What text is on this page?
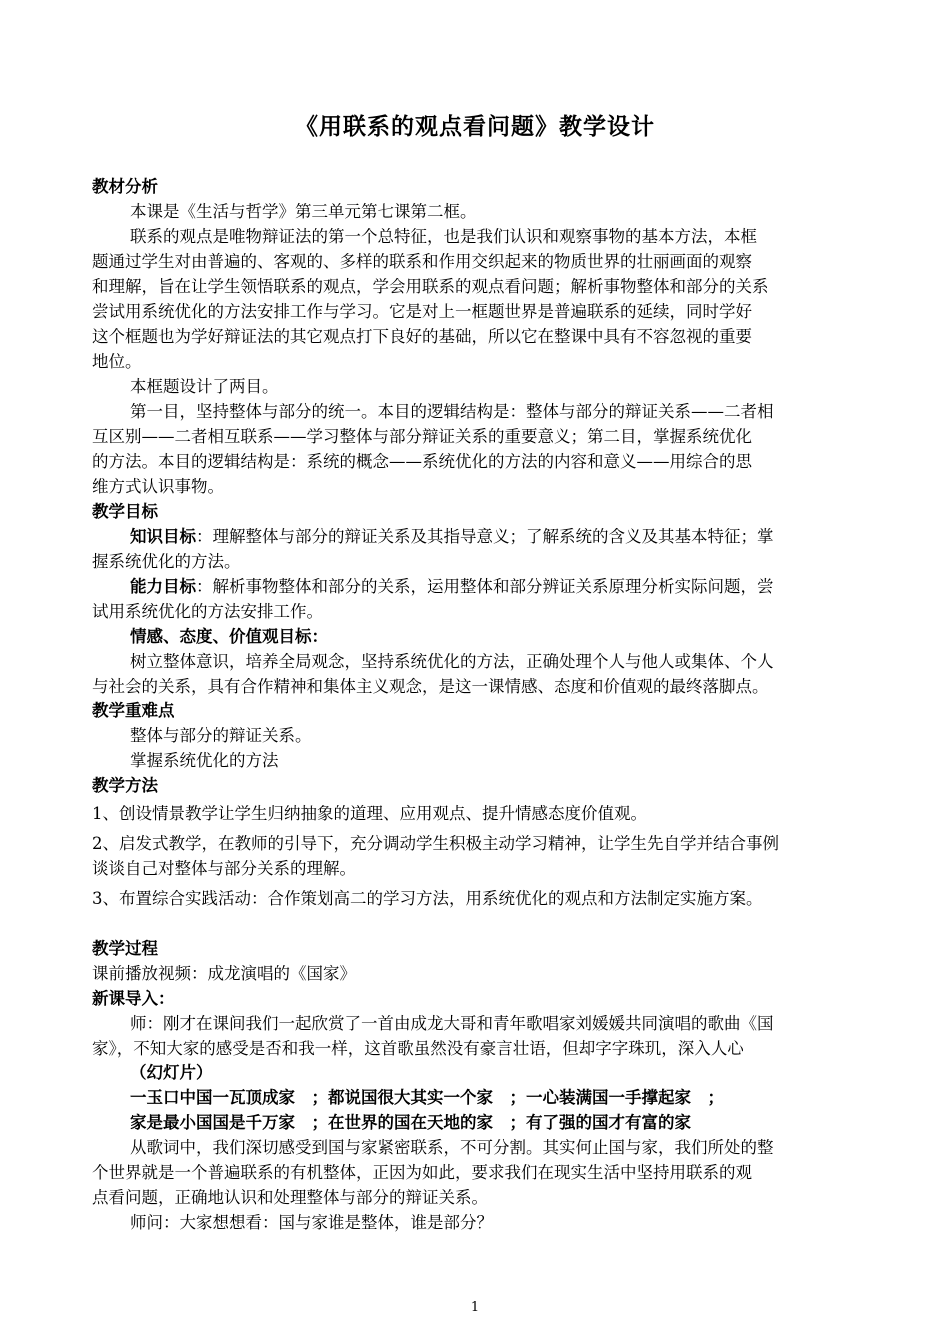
《用联系的观点看问题》教学设计
教材分析
本课是《生活与哲学》第三单元第七课第二框。
联系的观点是唯物辩证法的第一个总特征，也是我们认识和观察事物的基本方法，本框
题通过学生对由普遍的、客观的、多样的联系和作用交织起来的物质世界的壮丽画面的观察
和理解，旨在让学生领悟联系的观点，学会用联系的观点看问题；解析事物整体和部分的关系
尝试用系统优化的方法安排工作与学习。它是对上一框题世界是普遍联系的延续，同时学好
这个框题也为学好辩证法的其它观点打下良好的基础，所以它在整课中具有不容忽视的重要
地位。
本框题设计了两目。
第一目，坚持整体与部分的统一。本目的逻辑结构是：整体与部分的辩证关系——二者相
互区别——二者相互联系——学习整体与部分辩证关系的重要意义；第二目，掌握系统优化
的方法。本目的逻辑结构是：系统的概念——系统优化的方法的内容和意义——用综合的思
维方式认识事物。
教学目标
知识目标：理解整体与部分的辩证关系及其指导意义；了解系统的含义及其基本特征；掌
握系统优化的方法。
能力目标：解析事物整体和部分的关系，运用整体和部分辨证关系原理分析实际问题，尝
试用系统优化的方法安排工作。
情感、态度、价值观目标：
树立整体意识，培养全局观念，坚持系统优化的方法，正确处理个人与他人或集体、个人
与社会的关系，具有合作精神和集体主义观念，是这一课情感、态度和价值观的最终落脚点。
教学重难点
整体与部分的辩证关系。
掌握系统优化的方法
教学方法
1、创设情景教学让学生归纳抽象的道理、应用观点、提升情感态度价值观。
2、启发式教学，在教师的引导下，充分调动学生积极主动学习精神，让学生先自学并结合事例
谈谈自己对整体与部分关系的理解。
3、布置综合实践活动：合作策划高二的学习方法，用系统优化的观点和方法制定实施方案。
教学过程
课前播放视频：成龙演唱的《国家》
新课导入：
师：刚才在课间我们一起欣赏了一首由成龙大哥和青年歌唱家刘媛媛共同演唱的歌曲《国
家》，不知大家的感受是否和我一样，这首歌虽然没有豪言壮语，但却字字珠玑，深入人心
（幻灯片）
一玉口中国一瓦顶成家　；都说国很大其实一个家　；一心装满国一手撑起家　；
家是最小国国是千万家　；在世界的国在天地的家　；有了强的国才有富的家
从歌词中，我们深切感受到国与家紧密联系，不可分割。其实何止国与家，我们所处的整
个世界就是一个普遍联系的有机整体，正因为如此，要求我们在现实生活中坚持用联系的观
点看问题，正确地认识和处理整体与部分的辩证关系。
师问：大家想想看：国与家谁是整体，谁是部分？
1
